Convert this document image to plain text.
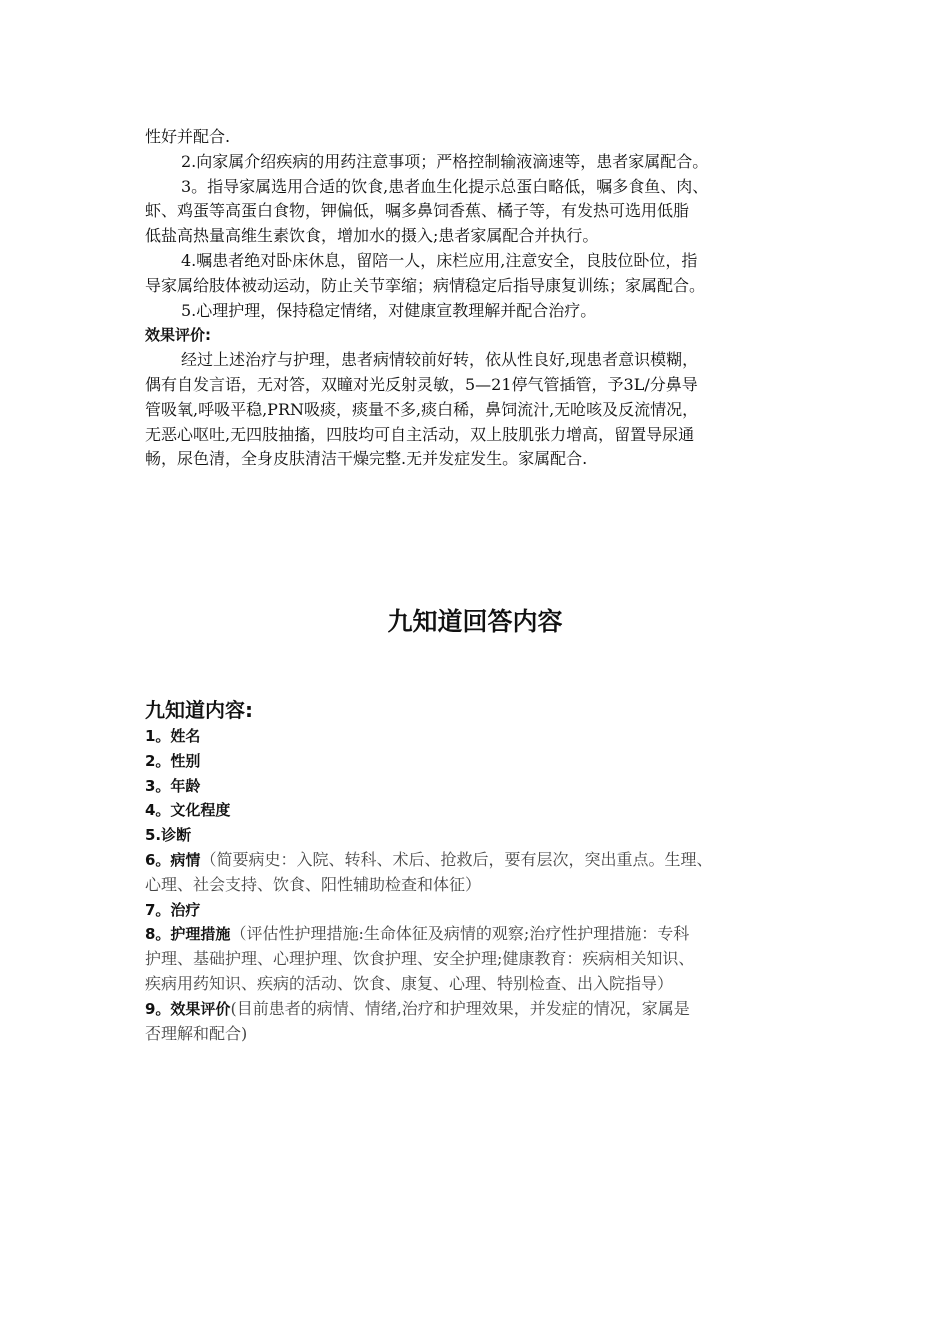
性好并配合.

2.向家属介绍疾病的用药注意事项；严格控制输液滴速等，患者家属配合。

3。指导家属选用合适的饮食,患者血生化提示总蛋白略低，嘱多食鱼、肉、

虾、鸡蛋等高蛋白食物，钾偏低，嘱多鼻饲香蕉、橘子等，有发热可选用低脂

低盐高热量高维生素饮食，增加水的摄入;患者家属配合并执行。

4.嘱患者绝对卧床休息，留陪一人，床栏应用,注意安全，良肢位卧位，指

导家属给肢体被动运动，防止关节挛缩；病情稳定后指导康复训练；家属配合。

5.心理护理，保持稳定情绪，对健康宣教理解并配合治疗。

效果评价:

经过上述治疗与护理，患者病情较前好转，依从性良好,现患者意识模糊，

偶有自发言语，无对答，双瞳对光反射灵敏，5—21停气管插管，予3L/分鼻导

管吸氧,呼吸平稳,PRN吸痰，痰量不多,痰白稀，鼻饲流汁,无呛咳及反流情况，

无恶心呕吐,无四肢抽搐，四肢均可自主活动，双上肢肌张力增高，留置导尿通

畅，尿色清，全身皮肤清洁干燥完整.无并发症发生。家属配合.

九知道回答内容

九知道内容:

1。姓名

2。性别

3。年龄

4。文化程度

5.诊断

6。病情（简要病史：入院、转科、术后、抢救后，要有层次，突出重点。生理、

心理、社会支持、饮食、阳性辅助检查和体征）

7。治疗

8。护理措施（评估性护理措施:生命体征及病情的观察;治疗性护理措施：专科

护理、基础护理、心理护理、饮食护理、安全护理;健康教育：疾病相关知识、

疾病用药知识、疾病的活动、饮食、康复、心理、特别检查、出入院指导）

9。效果评价(目前患者的病情、情绪,治疗和护理效果，并发症的情况，家属是

否理解和配合)
